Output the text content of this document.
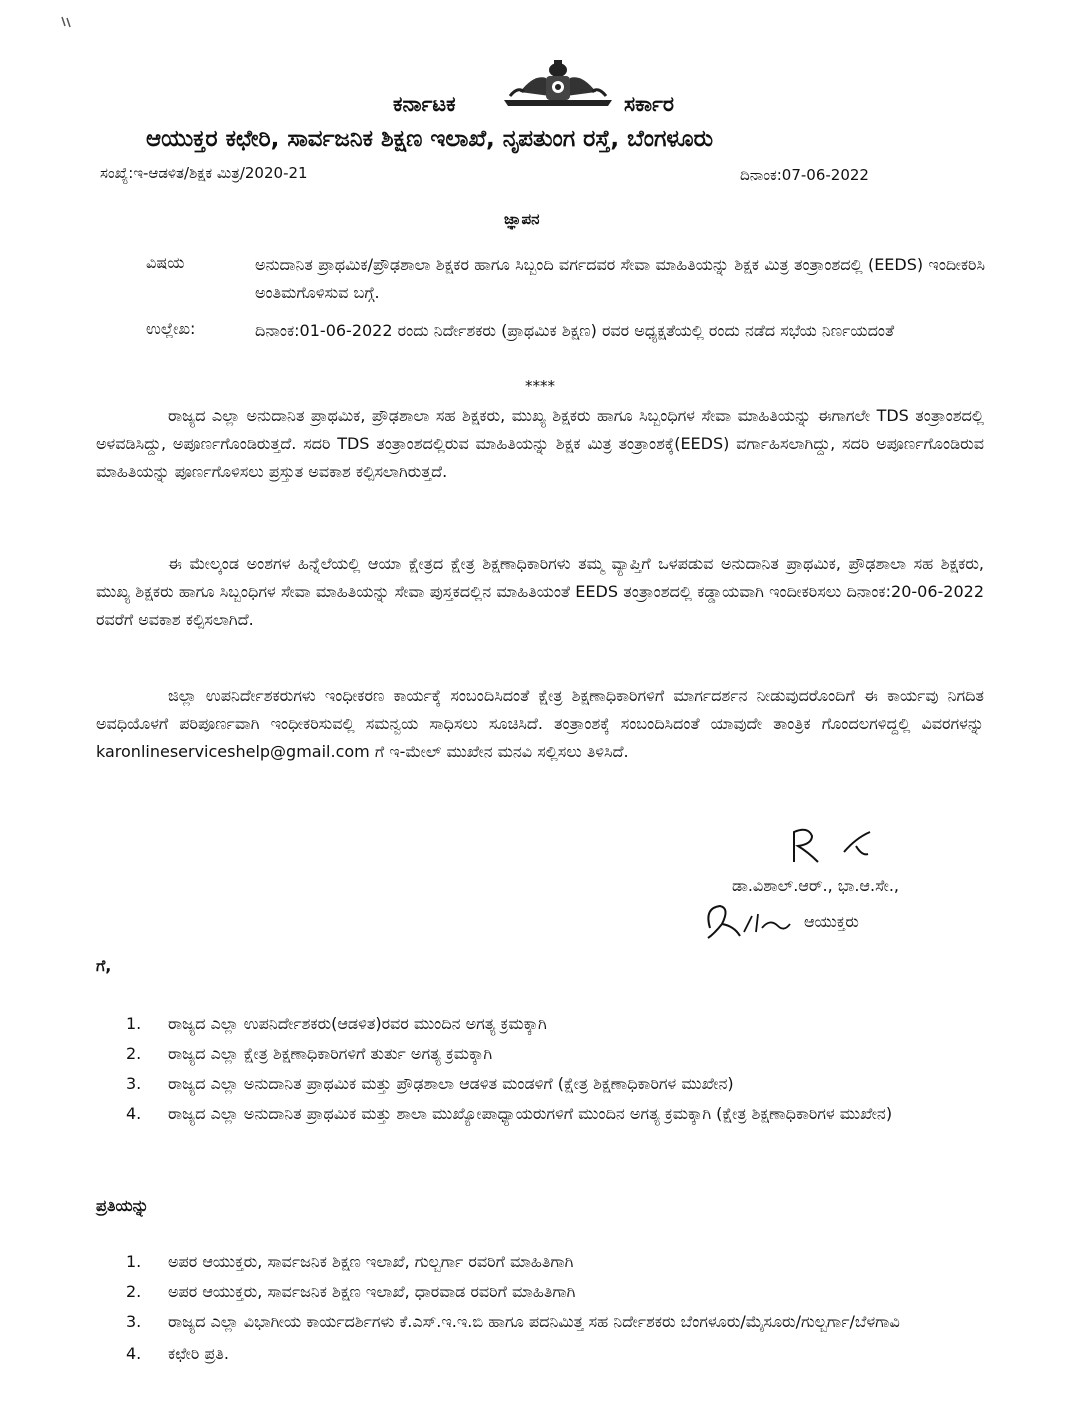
ಕರ್ನಾಟಕ	ಸರ್ಕಾರ
ಆಯುಕ್ತರ ಕಛೇರಿ, ಸಾರ್ವಜನಿಕ ಶಿಕ್ಷಣ ಇಲಾಖೆ, ನೃಪತುಂಗ ರಸ್ತೆ, ಬೆಂಗಳೂರು
ಸಂಖ್ಯೆ:ಇ-ಆಡಳಿತ/ಶಿಕ್ಷಕ ಮಿತ್ರ/2020-21	ದಿನಾಂಕ:07-06-2022
ಜ್ಞಾಪನ
ವಿಷಯ	ಅನುದಾನಿತ ಪ್ರಾಥಮಿಕ/ಪ್ರೌಢಶಾಲಾ ಶಿಕ್ಷಕರ ಹಾಗೂ ಸಿಬ್ಬಂದಿ ವರ್ಗದವರ ಸೇವಾ ಮಾಹಿತಿಯನ್ನು ಶಿಕ್ಷಕ ಮಿತ್ರ ತಂತ್ರಾಂಶದಲ್ಲಿ (EEDS) ಇಂದೀಕರಿಸಿ ಅಂತಿಮಗೊಳಿಸುವ ಬಗ್ಗೆ.
ಉಲ್ಲೇಖ:	ದಿನಾಂಕ:01-06-2022 ರಂದು ನಿರ್ದೇಶಕರು (ಪ್ರಾಥಮಿಕ ಶಿಕ್ಷಣ) ರವರ ಅಧ್ಯಕ್ಷತೆಯಲ್ಲಿ ರಂದು ನಡೆದ ಸಭೆಯ ನಿರ್ಣಯದಂತೆ
****
ರಾಜ್ಯದ ಎಲ್ಲಾ ಅನುದಾನಿತ ಪ್ರಾಥಮಿಕ, ಪ್ರೌಢಶಾಲಾ ಸಹ ಶಿಕ್ಷಕರು, ಮುಖ್ಯ ಶಿಕ್ಷಕರು ಹಾಗೂ ಸಿಬ್ಬಂಧಿಗಳ ಸೇವಾ ಮಾಹಿತಿಯನ್ನು ಈಗಾಗಲೇ TDS ತಂತ್ರಾಂಶದಲ್ಲಿ ಅಳವಡಿಸಿದ್ದು, ಅಪೂರ್ಣಗೊಂಡಿರುತ್ತದೆ. ಸದರಿ TDS ತಂತ್ರಾಂಶದಲ್ಲಿರುವ ಮಾಹಿತಿಯನ್ನು ಶಿಕ್ಷಕ ಮಿತ್ರ ತಂತ್ರಾಂಶಕ್ಕೆ(EEDS) ವರ್ಗಾಹಿಸಲಾಗಿದ್ದು, ಸದರಿ ಅಪೂರ್ಣಗೊಂಡಿರುವ ಮಾಹಿತಿಯನ್ನು ಪೂರ್ಣಗೊಳಿಸಲು ಪ್ರಸ್ತುತ ಅವಕಾಶ ಕಲ್ಪಿಸಲಾಗಿರುತ್ತದೆ.
ಈ ಮೇಲ್ಕಂಡ ಅಂಶಗಳ ಹಿನ್ನೆಲೆಯಲ್ಲಿ ಆಯಾ ಕ್ಷೇತ್ರದ ಕ್ಷೇತ್ರ ಶಿಕ್ಷಣಾಧಿಕಾರಿಗಳು ತಮ್ಮ ವ್ಯಾಪ್ತಿಗೆ ಒಳಪಡುವ ಅನುದಾನಿತ ಪ್ರಾಥಮಿಕ, ಪ್ರೌಢಶಾಲಾ ಸಹ ಶಿಕ್ಷಕರು, ಮುಖ್ಯ ಶಿಕ್ಷಕರು ಹಾಗೂ ಸಿಬ್ಬಂಧಿಗಳ ಸೇವಾ ಮಾಹಿತಿಯನ್ನು ಸೇವಾ ಪುಸ್ತಕದಲ್ಲಿನ ಮಾಹಿತಿಯಂತೆ EEDS ತಂತ್ರಾಂಶದಲ್ಲಿ ಕಡ್ಡಾಯವಾಗಿ ಇಂದೀಕರಿಸಲು ದಿನಾಂಕ:20-06-2022 ರವರೆಗೆ ಅವಕಾಶ ಕಲ್ಪಿಸಲಾಗಿದೆ.
ಜಿಲ್ಲಾ ಉಪನಿರ್ದೇಶಕರುಗಳು ಇಂಧೀಕರಣ ಕಾರ್ಯಕ್ಕೆ ಸಂಬಂದಿಸಿದಂತೆ ಕ್ಷೇತ್ರ ಶಿಕ್ಷಣಾಧಿಕಾರಿಗಳಿಗೆ ಮಾರ್ಗದರ್ಶನ ನೀಡುವುದರೊಂದಿಗೆ ಈ ಕಾರ್ಯವು ನಿಗದಿತ ಅವಧಿಯೊಳಗೆ ಪರಿಪೂರ್ಣವಾಗಿ ಇಂಧೀಕರಿಸುವಲ್ಲಿ ಸಮನ್ವಯ ಸಾಧಿಸಲು ಸೂಚಿಸಿದೆ. ತಂತ್ರಾಂಶಕ್ಕೆ ಸಂಬಂದಿಸಿದಂತೆ ಯಾವುದೇ ತಾಂತ್ರಿಕ ಗೊಂದಲಗಳಿದ್ದಲ್ಲಿ ವಿವರಗಳನ್ನು karonlineserviceshelp@gmail.com ಗೆ ಇ-ಮೇಲ್ ಮುಖೇನ ಮನವಿ ಸಲ್ಲಿಸಲು ತಿಳಿಸಿದೆ.
ಡಾ.ವಿಶಾಲ್.ಆರ್., ಭಾ.ಆ.ಸೇ.,
ಆಯುಕ್ತರು
ಗೆ,
1. ರಾಜ್ಯದ ಎಲ್ಲಾ ಉಪನಿರ್ದೇಶಕರು(ಆಡಳಿತ)ರವರ ಮುಂದಿನ ಅಗತ್ಯ ಕ್ರಮಕ್ಕಾಗಿ
2. ರಾಜ್ಯದ ಎಲ್ಲಾ ಕ್ಷೇತ್ರ ಶಿಕ್ಷಣಾಧಿಕಾರಿಗಳಿಗೆ ತುರ್ತು ಅಗತ್ಯ ಕ್ರಮಕ್ಕಾಗಿ
3. ರಾಜ್ಯದ ಎಲ್ಲಾ ಅನುದಾನಿತ ಪ್ರಾಥಮಿಕ ಮತ್ತು ಪ್ರೌಢಶಾಲಾ ಆಡಳಿತ ಮಂಡಳಿಗೆ (ಕ್ಷೇತ್ರ ಶಿಕ್ಷಣಾಧಿಕಾರಿಗಳ ಮುಖೇನ)
4. ರಾಜ್ಯದ ಎಲ್ಲಾ ಅನುದಾನಿತ ಪ್ರಾಥಮಿಕ ಮತ್ತು ಶಾಲಾ ಮುಖ್ಯೋಪಾಧ್ಯಾಯರುಗಳಿಗೆ ಮುಂದಿನ ಅಗತ್ಯ ಕ್ರಮಕ್ಕಾಗಿ (ಕ್ಷೇತ್ರ ಶಿಕ್ಷಣಾಧಿಕಾರಿಗಳ ಮುಖೇನ)
ಪ್ರತಿಯನ್ನು
1. ಅಪರ ಆಯುಕ್ತರು, ಸಾರ್ವಜನಿಕ ಶಿಕ್ಷಣ ಇಲಾಖೆ, ಗುಲ್ಬರ್ಗಾ ರವರಿಗೆ ಮಾಹಿತಿಗಾಗಿ
2. ಅಪರ ಆಯುಕ್ತರು, ಸಾರ್ವಜನಿಕ ಶಿಕ್ಷಣ ಇಲಾಖೆ, ಧಾರವಾಡ ರವರಿಗೆ ಮಾಹಿತಿಗಾಗಿ
3. ರಾಜ್ಯದ ಎಲ್ಲಾ ವಿಭಾಗೀಯ ಕಾರ್ಯದರ್ಶಿಗಳು ಕೆ.ಎಸ್.ಇ.ಇ.ಬಿ ಹಾಗೂ ಪದನಿಮಿತ್ತ ಸಹ ನಿರ್ದೇಶಕರು ಬೆಂಗಳೂರು/ಮೈಸೂರು/ಗುಲ್ಬರ್ಗಾ/ಬೆಳಗಾವಿ
4. ಕಛೇರಿ ಪ್ರತಿ.
